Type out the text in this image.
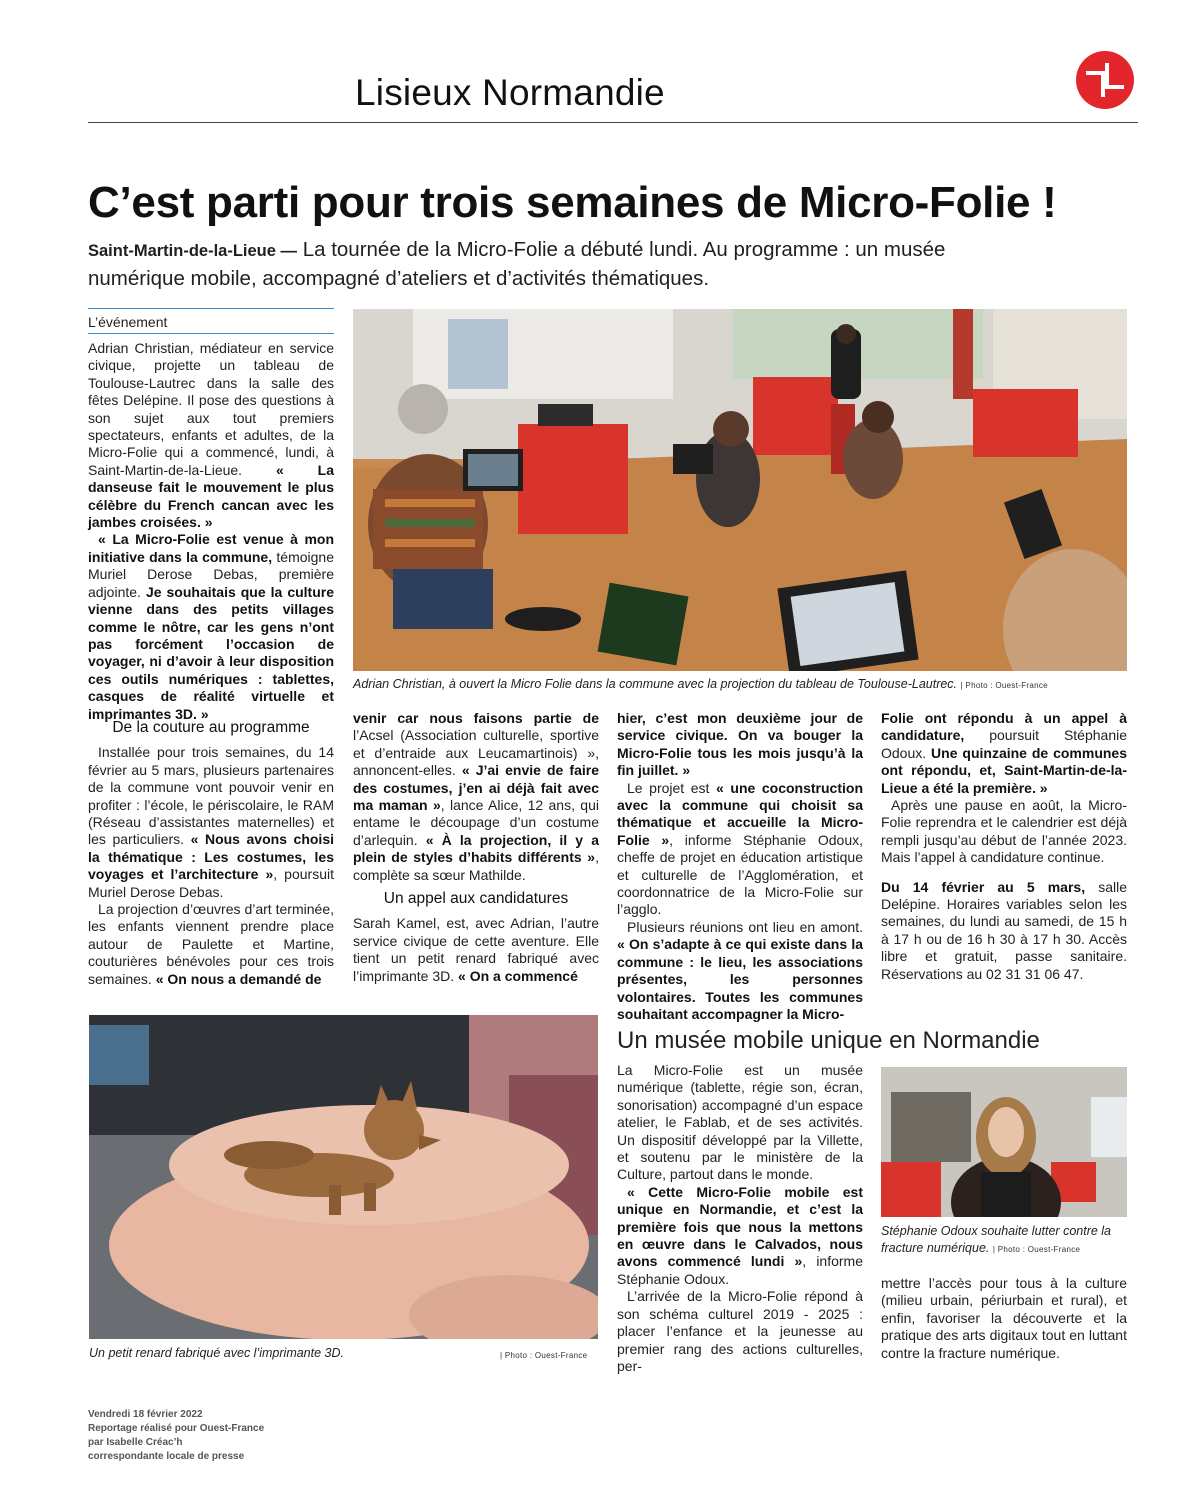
Lisieux Normandie
C’est parti pour trois semaines de Micro-Folie !
Saint-Martin-de-la-Lieue — La tournée de la Micro-Folie a débuté lundi. Au programme : un musée numérique mobile, accompagné d’ateliers et d’activités thématiques.
L’événement

Adrian Christian, médiateur en service civique, projette un tableau de Toulouse-Lautrec dans la salle des fêtes Delépine. Il pose des questions à son sujet aux tout premiers spectateurs, enfants et adultes, de la Micro-Folie qui a commencé, lundi, à Saint-Martin-de-la-Lieue. « La danseuse fait le mouvement le plus célèbre du French cancan avec les jambes croisées. »

« La Micro-Folie est venue à mon initiative dans la commune, témoigne Muriel Derose Debas, première adjointe. Je souhaitais que la culture vienne dans des petits villages comme le nôtre, car les gens n’ont pas forcément l’occasion de voyager, ni d’avoir à leur disposition ces outils numériques : tablettes, casques de réalité virtuelle et imprimantes 3D. »

Adrian Christian, à ouvert la Micro Folie dans la commune avec la projection du tableau de Toulouse-Lautrec. | Photo : Ouest-France
De la couture au programme

Installée pour trois semaines, du 14 février au 5 mars, plusieurs partenaires de la commune vont pouvoir venir en profiter : l’école, le périscolaire, le RAM (Réseau d’assistantes maternelles) et les particuliers. « Nous avons choisi la thématique : Les costumes, les voyages et l’architecture », poursuit Muriel Derose Debas.

La projection d’œuvres d’art terminée, les enfants viennent prendre place autour de Paulette et Martine, couturières bénévoles pour ces trois semaines. « On nous a demandé de

venir car nous faisons partie de l’Acsel (Association culturelle, sportive et d’entraide aux Leucamartinois) », annoncent-elles. « J’ai envie de faire des costumes, j’en ai déjà fait avec ma maman », lance Alice, 12 ans, qui entame le découpage d’un costume d’arlequin. « À la projection, il y a plein de styles d’habits différents », complète sa sœur Mathilde.

Un appel aux candidatures

Sarah Kamel, est, avec Adrian, l’autre service civique de cette aventure. Elle tient un petit renard fabriqué avec l’imprimante 3D. « On a commencé

hier, c’est mon deuxième jour de service civique. On va bouger la Micro-Folie tous les mois jusqu’à la fin juillet. »

Le projet est « une coconstruction avec la commune qui choisit sa thématique et accueille la Micro-Folie », informe Stéphanie Odoux, cheffe de projet en éducation artistique et culturelle de l’Agglomération, et coordonnatrice de la Micro-Folie sur l’agglo.

Plusieurs réunions ont lieu en amont. « On s’adapte à ce qui existe dans la commune : le lieu, les associations présentes, les personnes volontaires. Toutes les communes souhaitant accompagner la Micro-

Folie ont répondu à un appel à candidature, poursuit Stéphanie Odoux. Une quinzaine de communes ont répondu, et, Saint-Martin-de-la-Lieue a été la première. »

Après une pause en août, la Micro-Folie reprendra et le calendrier est déjà rempli jusqu’au début de l’année 2023. Mais l’appel à candidature continue.

Du 14 février au 5 mars, salle Delépine. Horaires variables selon les semaines, du lundi au samedi, de 15 h à 17 h ou de 16 h 30 à 17 h 30. Accès libre et gratuit, passe sanitaire. Réservations au 02 31 31 06 47.

Un petit renard fabriqué avec l’imprimante 3D.	| Photo : Ouest-France
Un musée mobile unique en Normandie

La Micro-Folie est un musée numérique (tablette, régie son, écran, sonorisation) accompagné d’un espace atelier, le Fablab, et de ses activités. Un dispositif développé par la Villette, et soutenu par le ministère de la Culture, partout dans le monde.

« Cette Micro-Folie mobile est unique en Normandie, et c’est la première fois que nous la mettons en œuvre dans le Calvados, nous avons commencé lundi », informe Stéphanie Odoux.

L’arrivée de la Micro-Folie répond à son schéma culturel 2019 - 2025 : placer l’enfance et la jeunesse au premier rang des actions culturelles, per-

Stéphanie Odoux souhaite lutter contre la fracture numérique. | Photo : Ouest-France

mettre l’accès pour tous à la culture (milieu urbain, périurbain et rural), et enfin, favoriser la découverte et la pratique des arts digitaux tout en luttant contre la fracture numérique.

Vendredi 18 février 2022
Reportage réalisé pour Ouest-France
par Isabelle Créac’h
correspondante locale de presse
